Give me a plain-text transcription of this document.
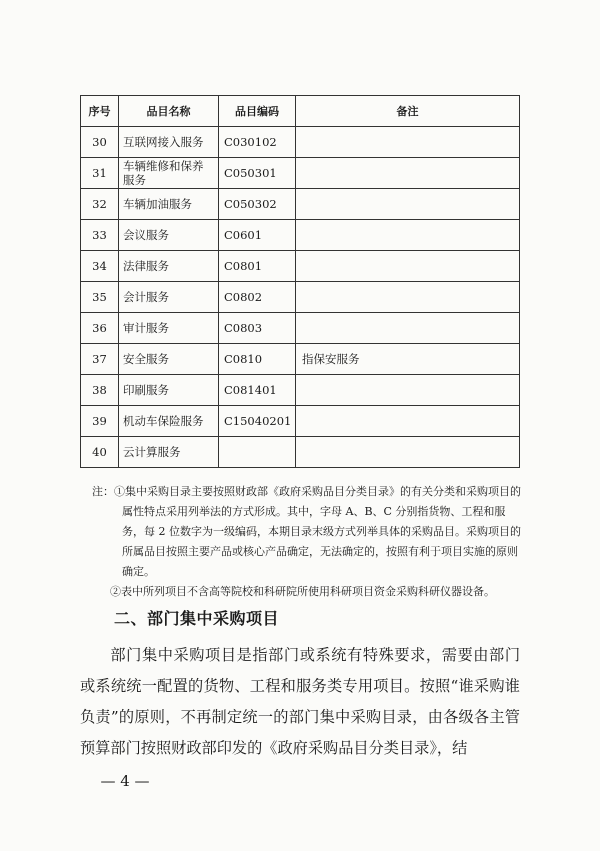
序号	品目名称	品目编码	备注
30	互联网接入服务	C030102	
31	车辆维修和保养服务	C050301	
32	车辆加油服务	C050302	
33	会议服务	C0601	
34	法律服务	C0801	
35	会计服务	C0802	
36	审计服务	C0803	
37	安全服务	C0810	指保安服务
38	印刷服务	C081401	
39	机动车保险服务	C15040201	
40	云计算服务		

注：①集中采购目录主要按照财政部《政府采购品目分类目录》的有关分类和采购项目的属性特点采用列举法的方式形成。其中，字母 A、B、C 分别指货物、工程和服务，每 2 位数字为一级编码，本期目录末级方式列举具体的采购品目。采购项目的所属品目按照主要产品或核心产品确定，无法确定的，按照有利于项目实施的原则确定。

②表中所列项目不含高等院校和科研院所使用科研项目资金采购科研仪器设备。

二、部门集中采购项目

部门集中采购项目是指部门或系统有特殊要求，需要由部门或系统统一配置的货物、工程和服务类专用项目。按照“谁采购谁负责”的原则，不再制定统一的部门集中采购目录，由各级各主管预算部门按照财政部印发的《政府采购品目分类目录》，结

— 4 —
